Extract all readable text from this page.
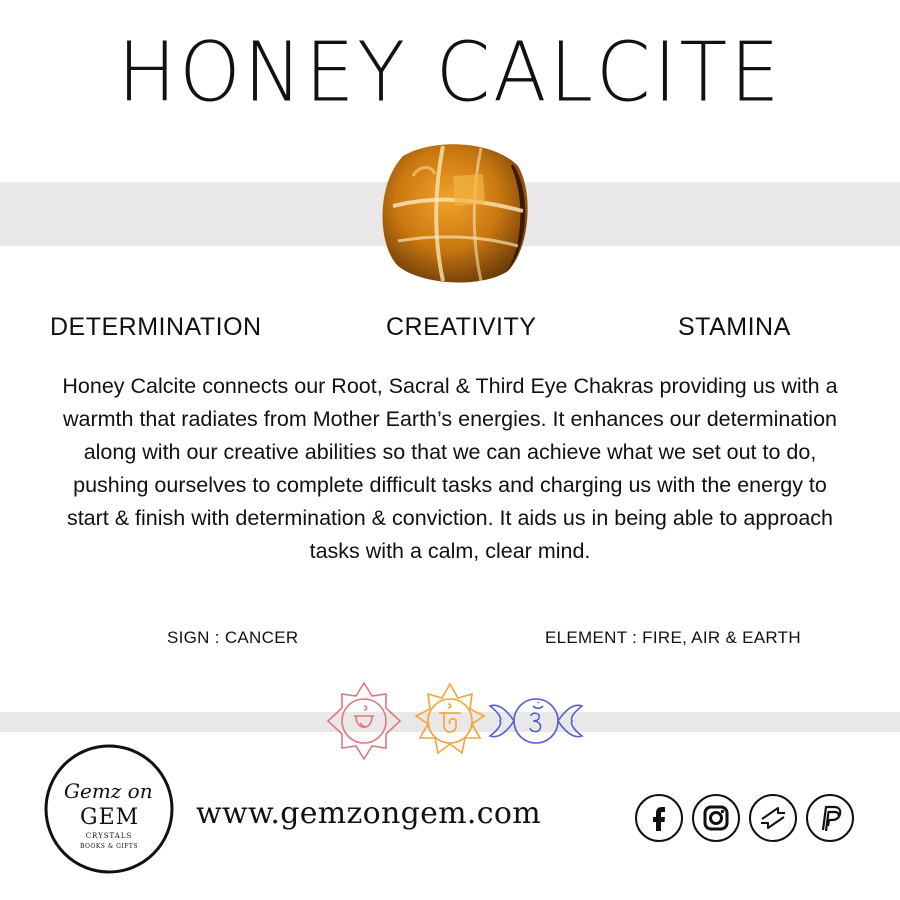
HONEY CALCITE
DETERMINATION	CREATIVITY	STAMINA
Honey Calcite connects our Root, Sacral & Third Eye Chakras providing us with a warmth that radiates from Mother Earth’s energies. It enhances our determination along with our creative abilities so that we can achieve what we set out to do, pushing ourselves to complete difficult tasks and charging us with the energy to start & finish with determination & conviction. It aids us in being able to approach tasks with a calm, clear mind.
SIGN : CANCER	ELEMENT : FIRE, AIR & EARTH
Gemz on
GEM
CRYSTALS
BOOKS & GIFTS
www.gemzongem.com
